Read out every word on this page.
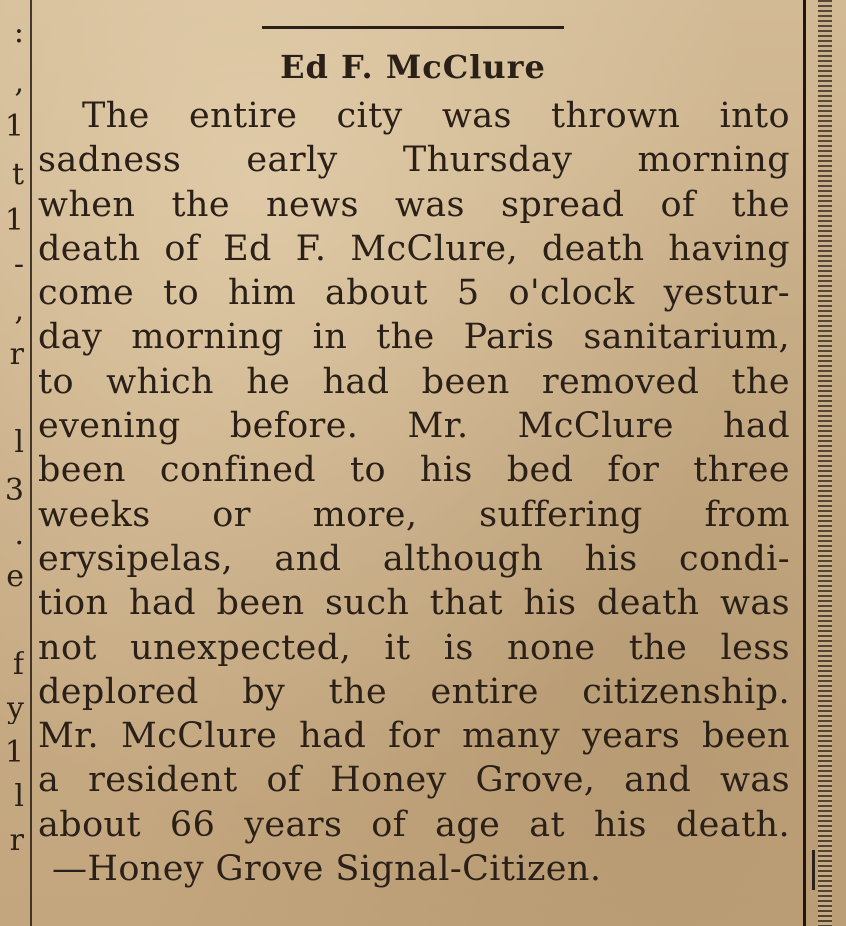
:
,
1
t
1
-
,
r
l
3
.
e
f
y
1
l
r
Ed F. McClure
The entire city was thrown into
sadness early Thursday morning
when the news was spread of the
death of Ed F. McClure, death having
come to him about 5 o'clock yestur-
day morning in the Paris sanitarium,
to which he had been removed the
evening before. Mr. McClure had
been confined to his bed for three
weeks or more, suffering from
erysipelas, and although his condi-
tion had been such that his death was
not unexpected, it is none the less
deplored by the entire citizenship.
Mr. McClure had for many years been
a resident of Honey Grove, and was
about 66 years of age at his death.
—Honey Grove Signal-Citizen.
